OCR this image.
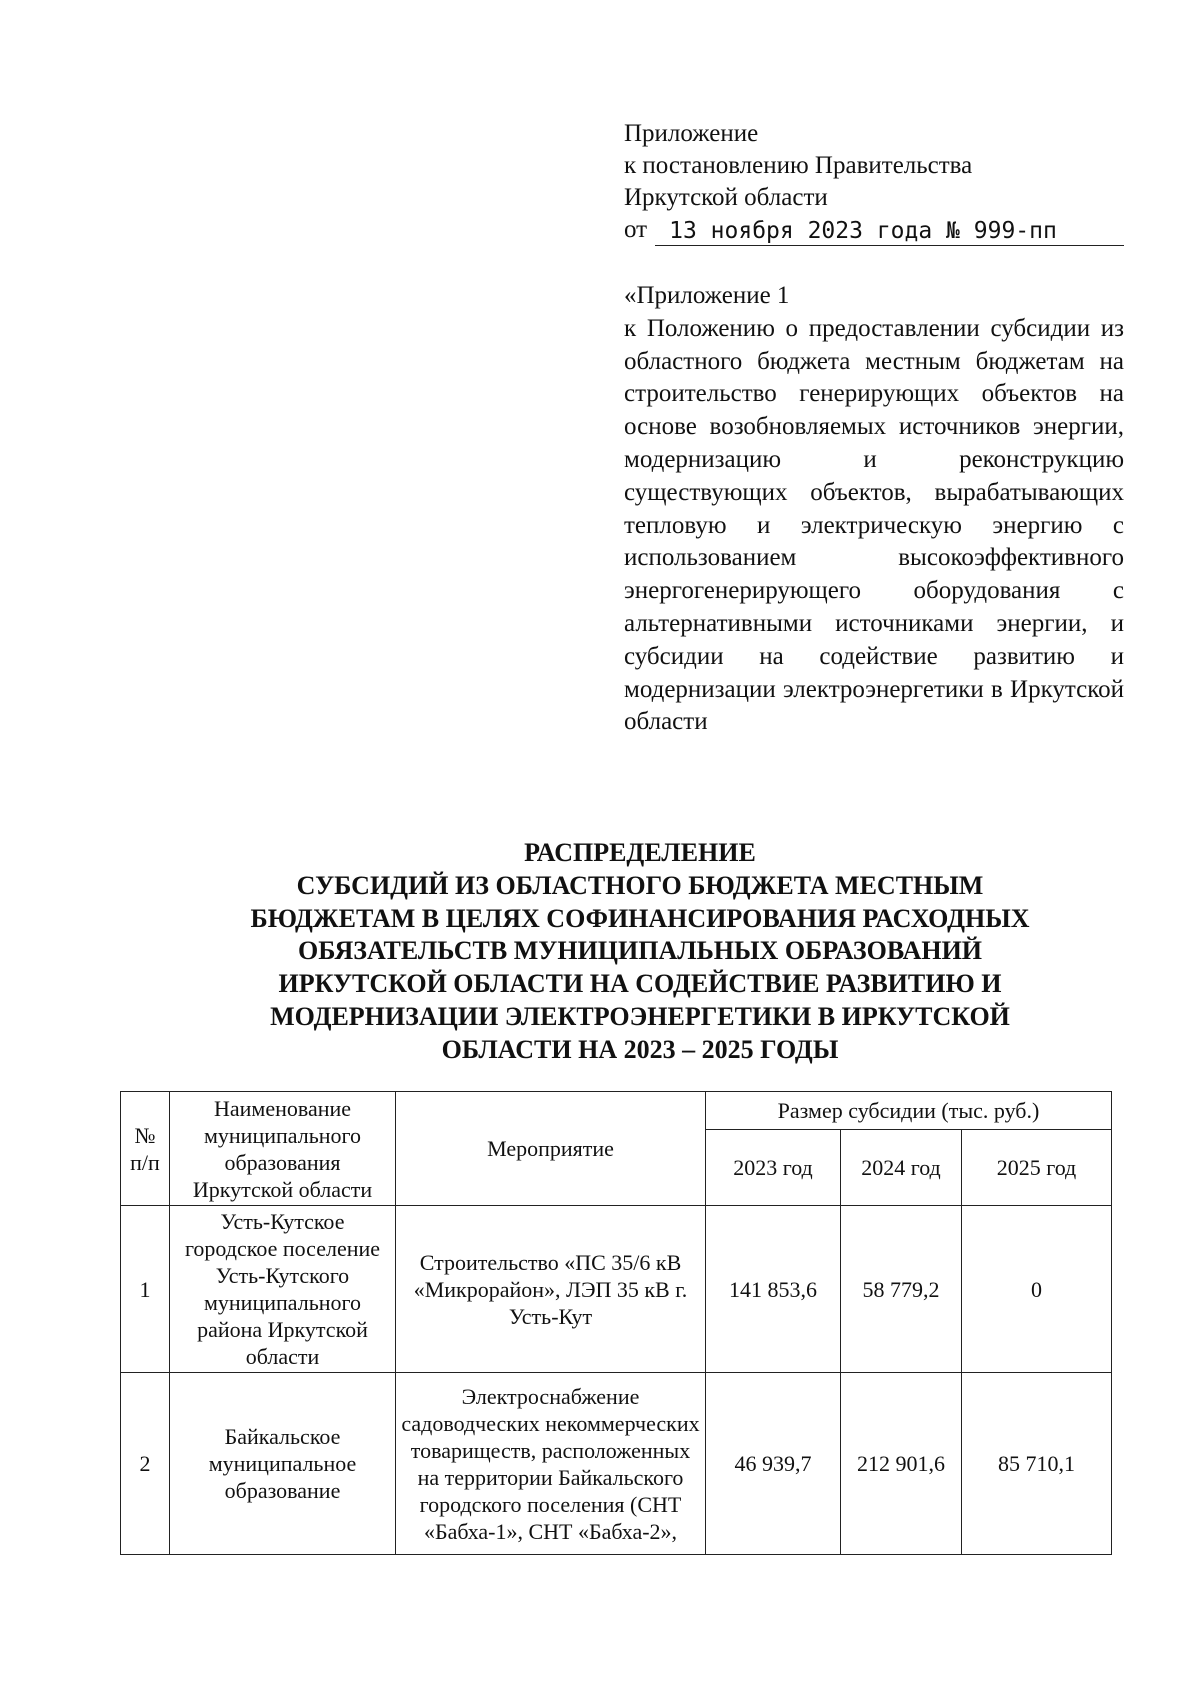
Приложение
к постановлению Правительства
Иркутской области
от 13 ноября 2023 года № 999-пп
«Приложение 1
к Положению о предоставлении субсидии из областного бюджета местным бюджетам на строительство генерирующих объектов на основе возобновляемых источников энергии, модернизацию и реконструкцию существующих объектов, вырабатывающих тепловую и электрическую энергию с использованием высокоэффективного энергогенерирующего оборудования с альтернативными источниками энергии, и субсидии на содействие развитию и модернизации электроэнергетики в Иркутской области
РАСПРЕДЕЛЕНИЕ
СУБСИДИЙ ИЗ ОБЛАСТНОГО БЮДЖЕТА МЕСТНЫМ
БЮДЖЕТАМ В ЦЕЛЯХ СОФИНАНСИРОВАНИЯ РАСХОДНЫХ
ОБЯЗАТЕЛЬСТВ МУНИЦИПАЛЬНЫХ ОБРАЗОВАНИЙ
ИРКУТСКОЙ ОБЛАСТИ НА СОДЕЙСТВИЕ РАЗВИТИЮ И
МОДЕРНИЗАЦИИ ЭЛЕКТРОЭНЕРГЕТИКИ В ИРКУТСКОЙ
ОБЛАСТИ НА 2023 – 2025 ГОДЫ
№ п/п	Наименование муниципального образования Иркутской области	Мероприятие	Размер субсидии (тыс. руб.)		
			2023 год	2024 год	2025 год
1	Усть-Кутское городское поселение Усть-Кутского муниципального района Иркутской области	Строительство «ПС 35/6 кВ «Микрорайон», ЛЭП 35 кВ г. Усть-Кут	141 853,6	58 779,2	0
2	Байкальское муниципальное образование	Электроснабжение садоводческих некоммерческих товариществ, расположенных на территории Байкальского городского поселения (СНТ «Бабха-1», СНТ «Бабха-2»,	46 939,7	212 901,6	85 710,1
